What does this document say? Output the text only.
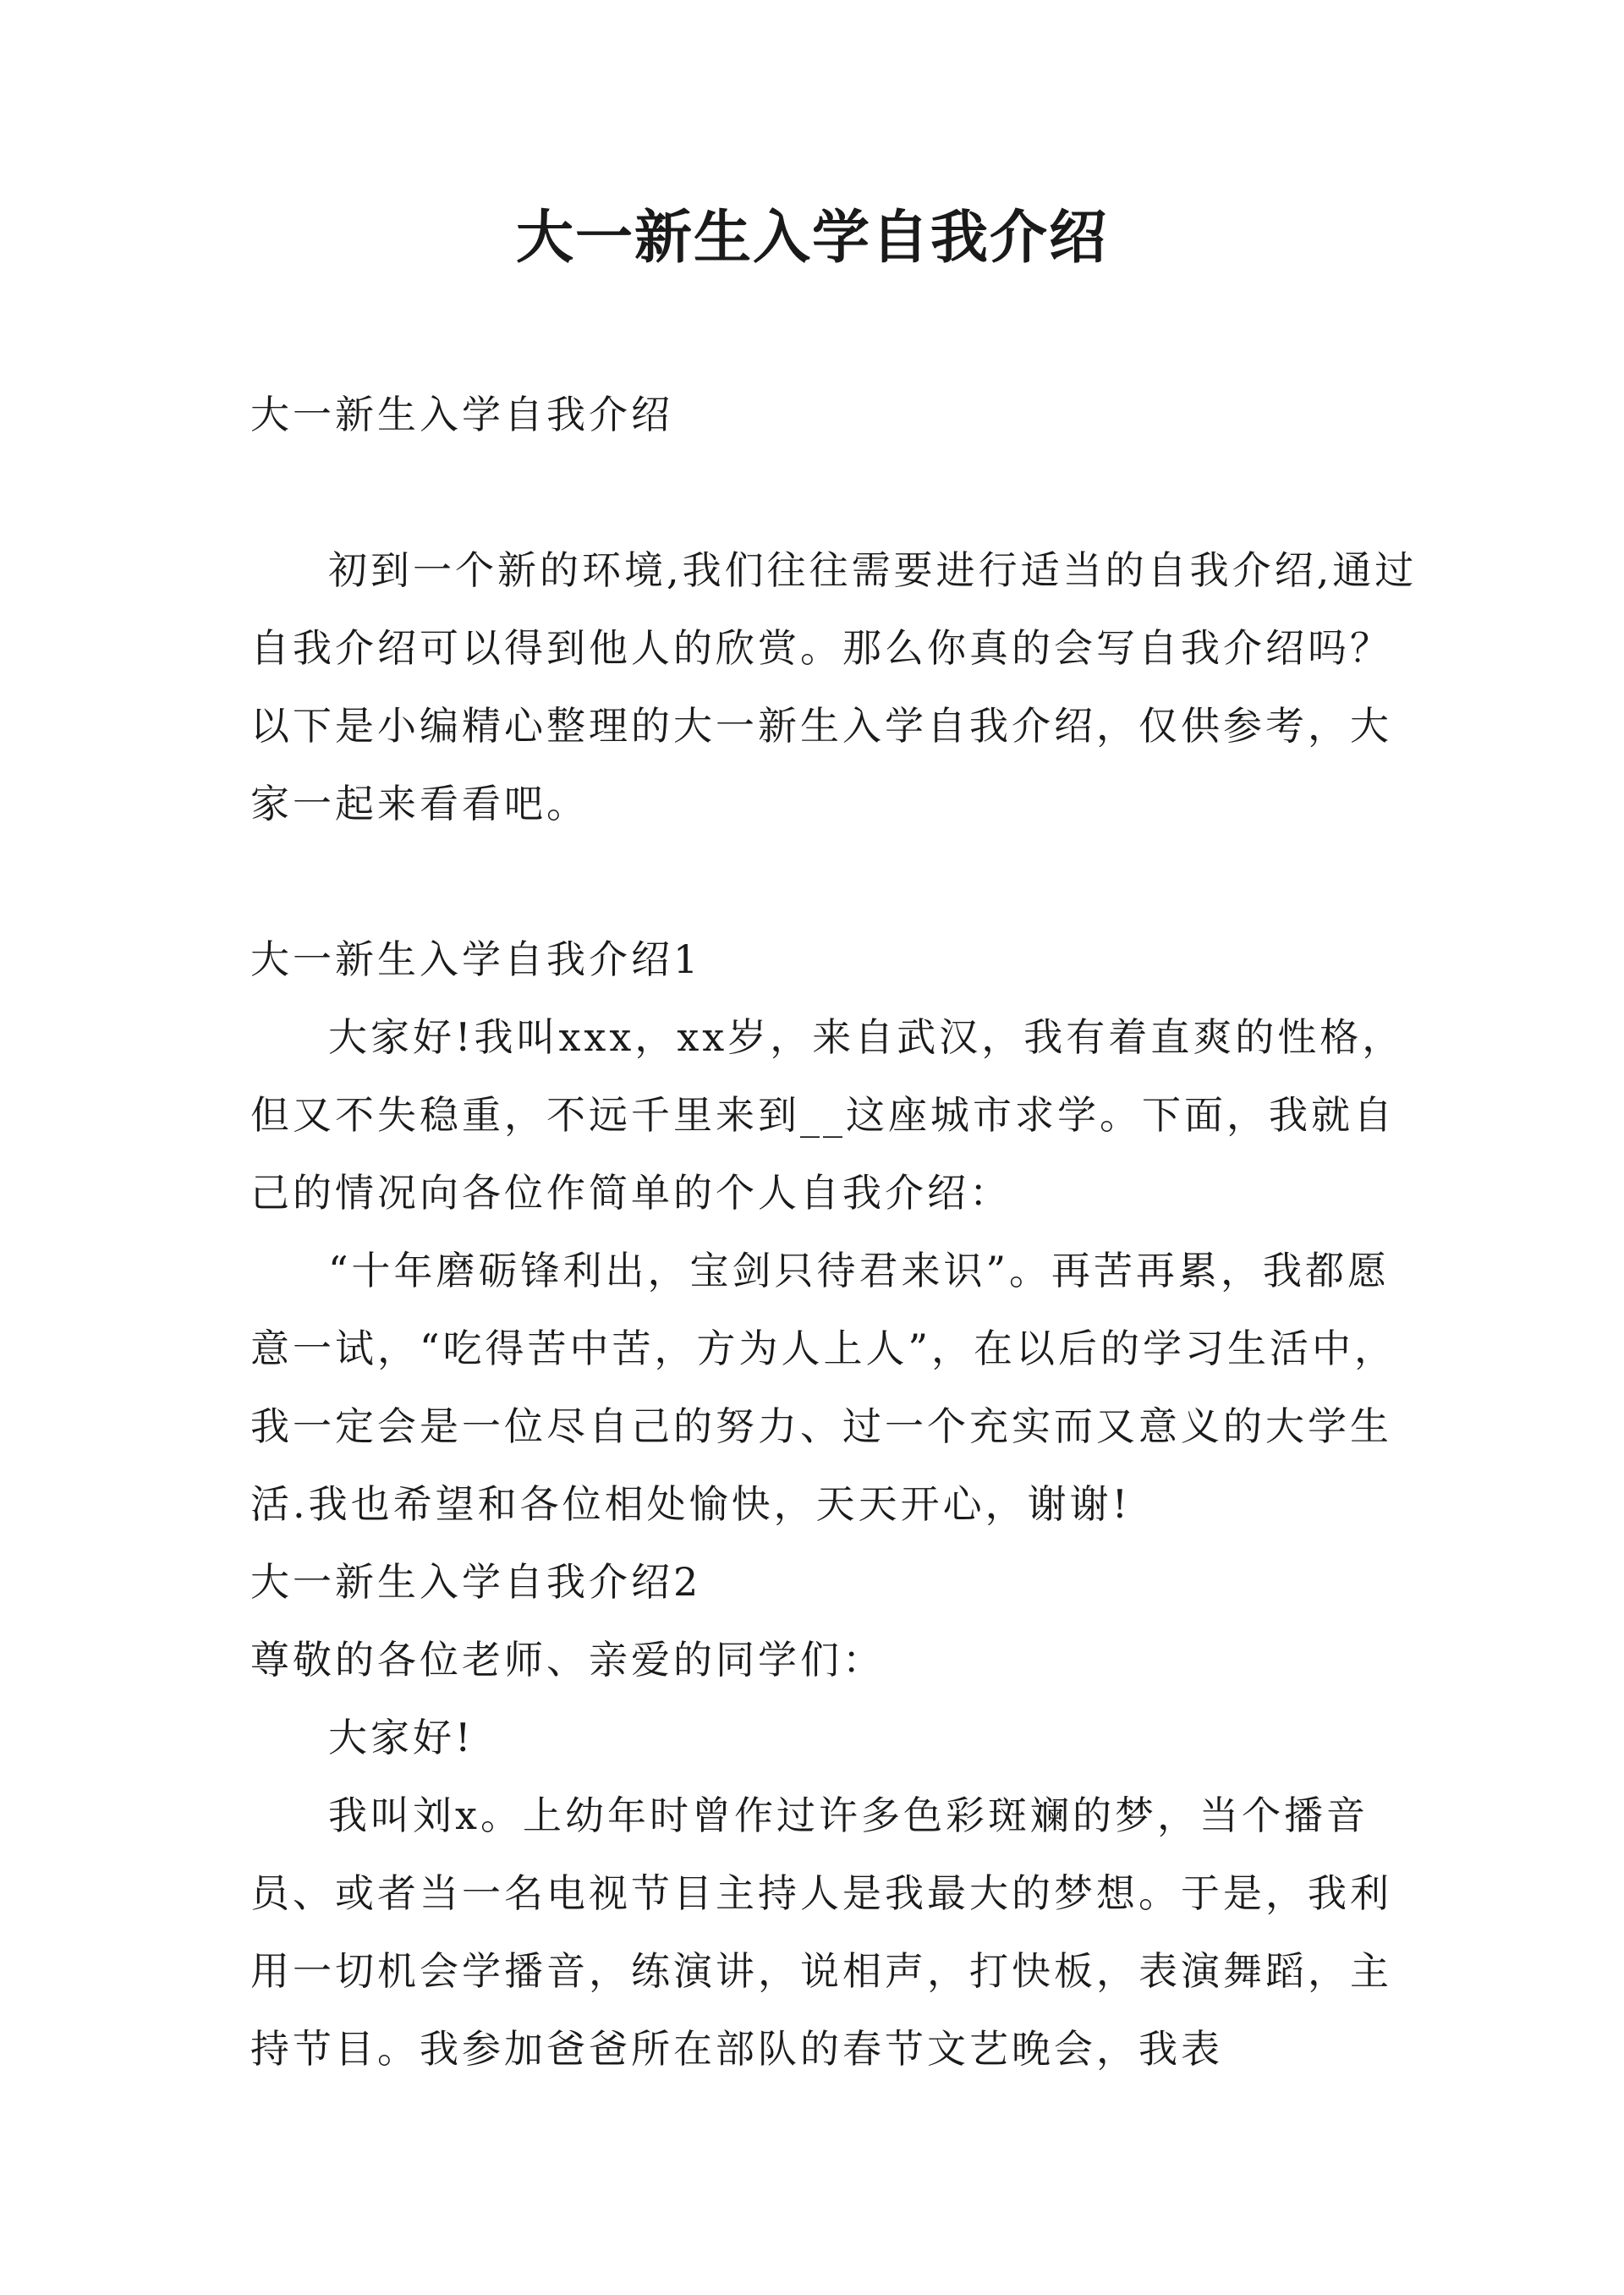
大一新生入学自我介绍

大一新生入学自我介绍

初到一个新的环境,我们往往需要进行适当的自我介绍,通过自我介绍可以得到他人的欣赏。那么你真的会写自我介绍吗？以下是小编精心整理的大一新生入学自我介绍，仅供参考，大家一起来看看吧。

大一新生入学自我介绍1

大家好!我叫xxx，xx岁，来自武汉，我有着直爽的性格，但又不失稳重，不远千里来到__这座城市求学。下面，我就自己的情况向各位作简单的个人自我介绍：

“十年磨砺锋利出，宝剑只待君来识”。再苦再累，我都愿意一试，“吃得苦中苦，方为人上人”，在以后的学习生活中，我一定会是一位尽自己的努力、过一个充实而又意义的大学生活.我也希望和各位相处愉快，天天开心，谢谢!

大一新生入学自我介绍2

尊敬的各位老师、亲爱的同学们：

大家好!

我叫刘x。上幼年时曾作过许多色彩斑斓的梦，当个播音员、或者当一名电视节目主持人是我最大的梦想。于是，我利用一切机会学播音，练演讲，说相声，打快板，表演舞蹈，主持节目。我参加爸爸所在部队的春节文艺晚会，我表
